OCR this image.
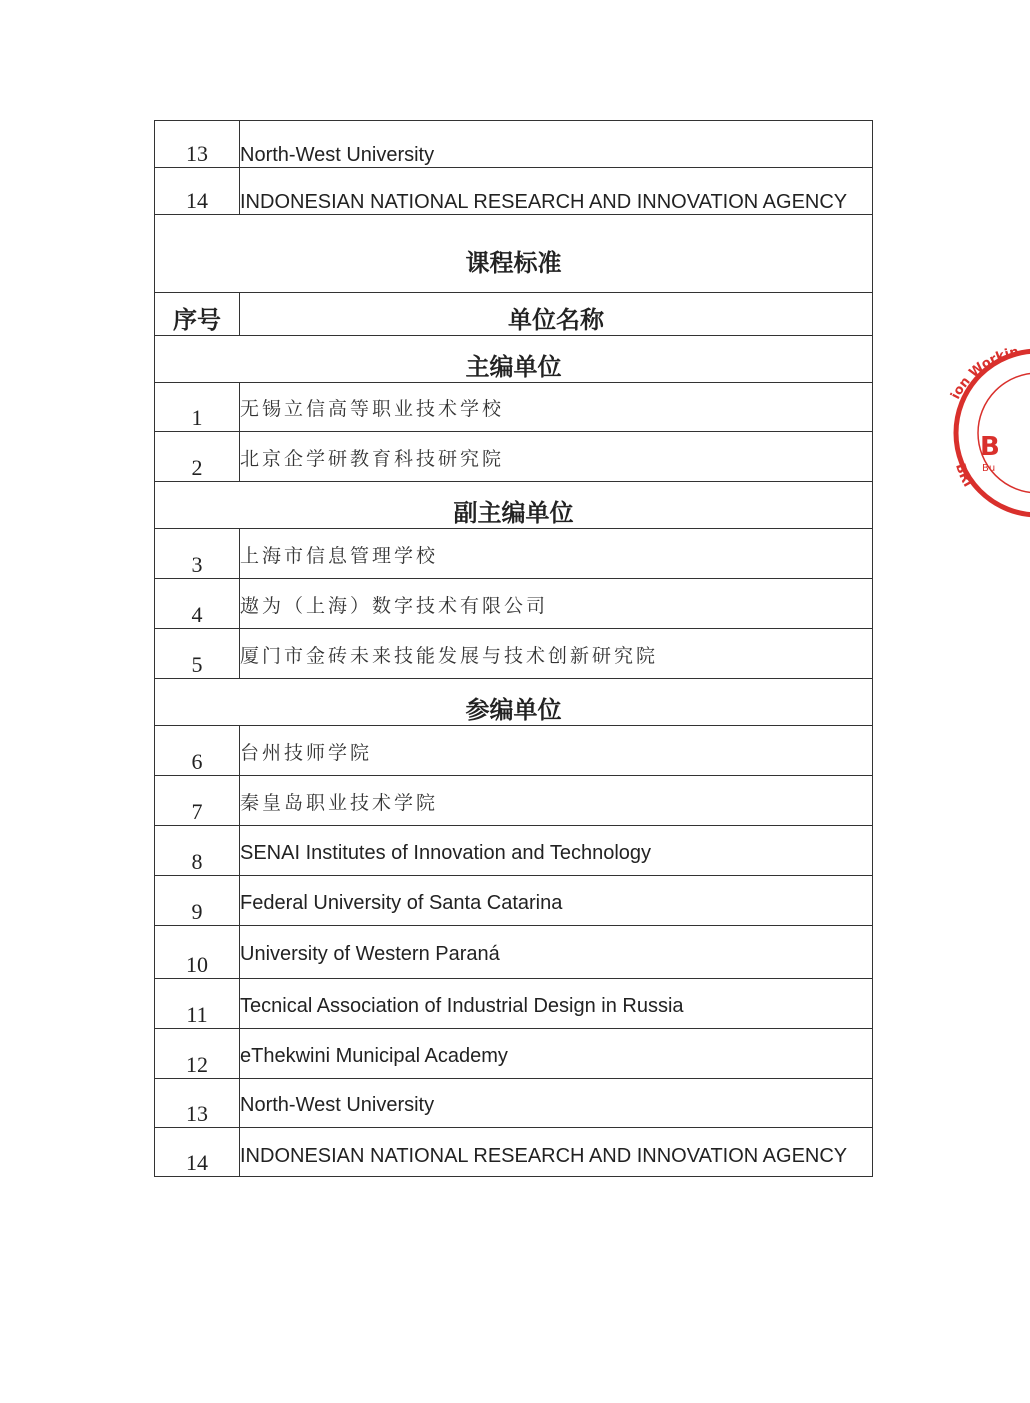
13	North-West University
14	INDONESIAN NATIONAL RESEARCH AND INNOVATION AGENCY
课程标准	
序号	单位名称
主编单位	
1	无锡立信高等职业技术学校
2	北京企学研教育科技研究院
副主编单位	
3	上海市信息管理学校
4	遨为（上海）数字技术有限公司
5	厦门市金砖未来技能发展与技术创新研究院
参编单位	
6	台州技师学院
7	秦皇岛职业技术学院
8	SENAI Institutes of Innovation and Technology
9	Federal University of Santa Catarina
10	University of Western Paraná
11	Tecnical Association of Industrial Design in Russia
12	eThekwini Municipal Academy
13	North-West University
14	INDONESIAN NATIONAL RESEARCH AND INNOVATION AGENCY
ion Workin
BRI
B
Bu
